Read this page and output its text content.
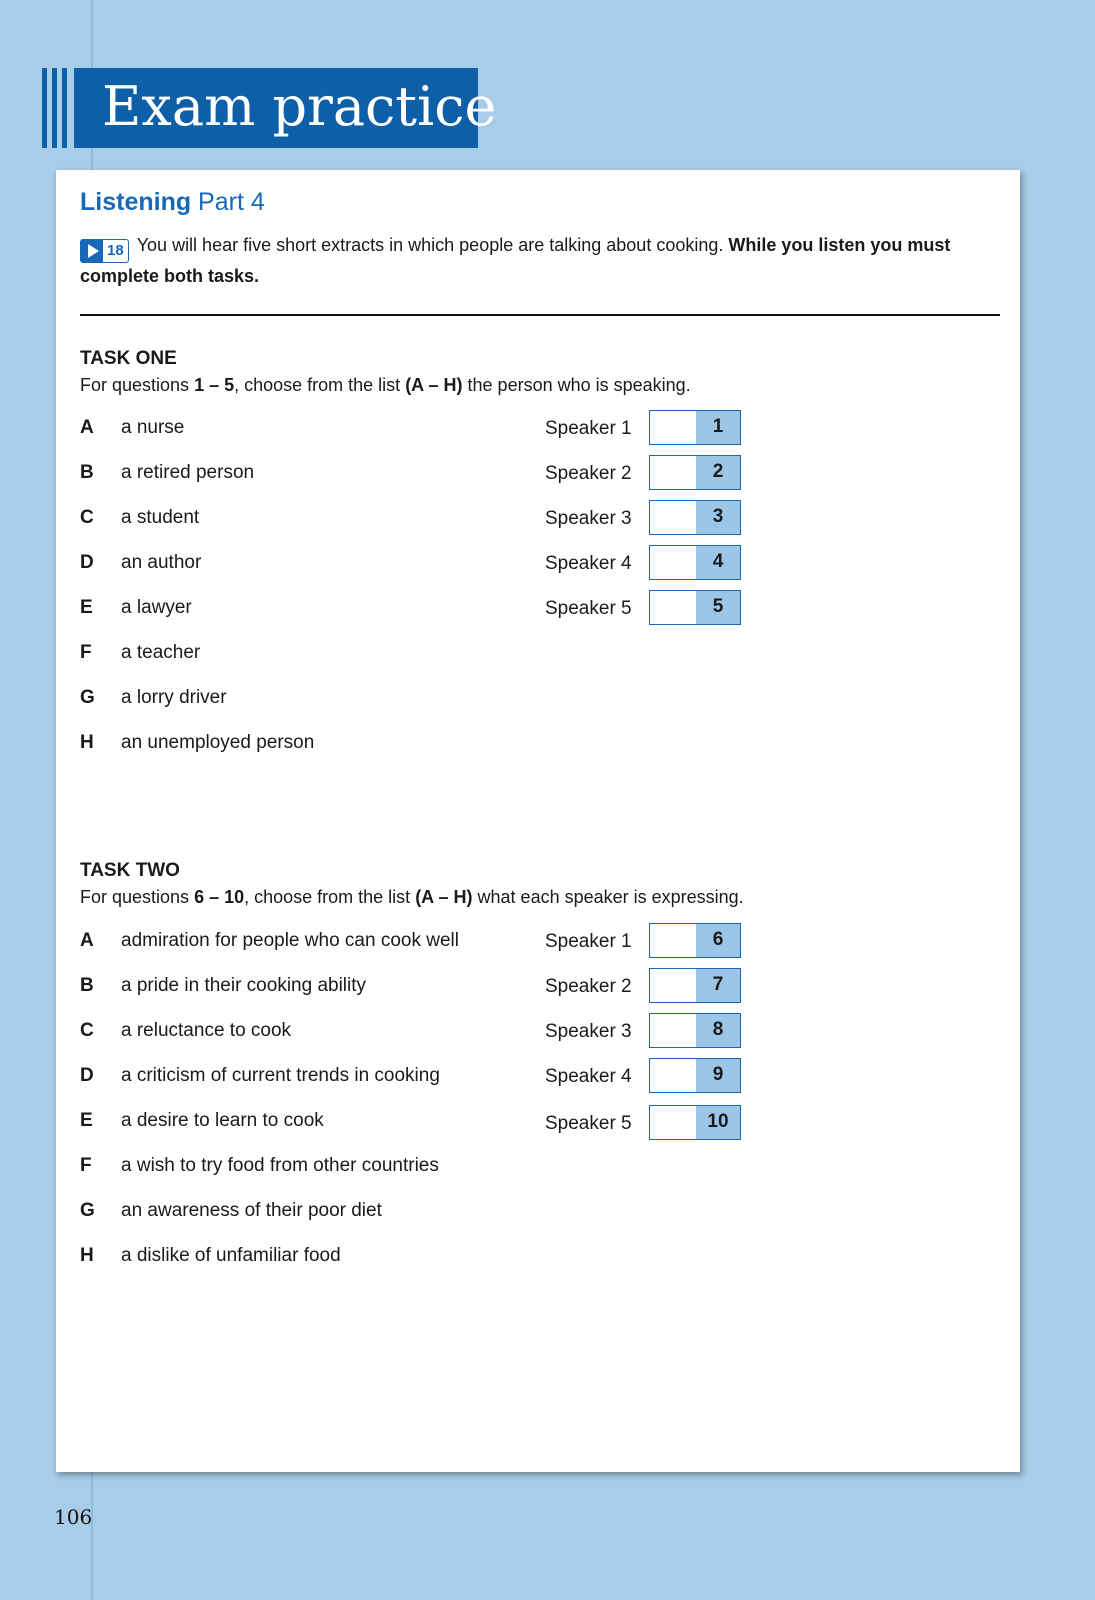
Exam practice
Listening Part 4
18 You will hear five short extracts in which people are talking about cooking. While you listen you must complete both tasks.
TASK ONE
For questions 1 – 5, choose from the list (A – H) the person who is speaking.
A a nurse
B a retired person
C a student
D an author
E a lawyer
F a teacher
G a lorry driver
H an unemployed person
Speaker 1	1
Speaker 2	2
Speaker 3	3
Speaker 4	4
Speaker 5	5
TASK TWO
For questions 6 – 10, choose from the list (A – H) what each speaker is expressing.
A admiration for people who can cook well
B a pride in their cooking ability
C a reluctance to cook
D a criticism of current trends in cooking
E a desire to learn to cook
F a wish to try food from other countries
G an awareness of their poor diet
H a dislike of unfamiliar food
Speaker 1	6
Speaker 2	7
Speaker 3	8
Speaker 4	9
Speaker 5	10
106
